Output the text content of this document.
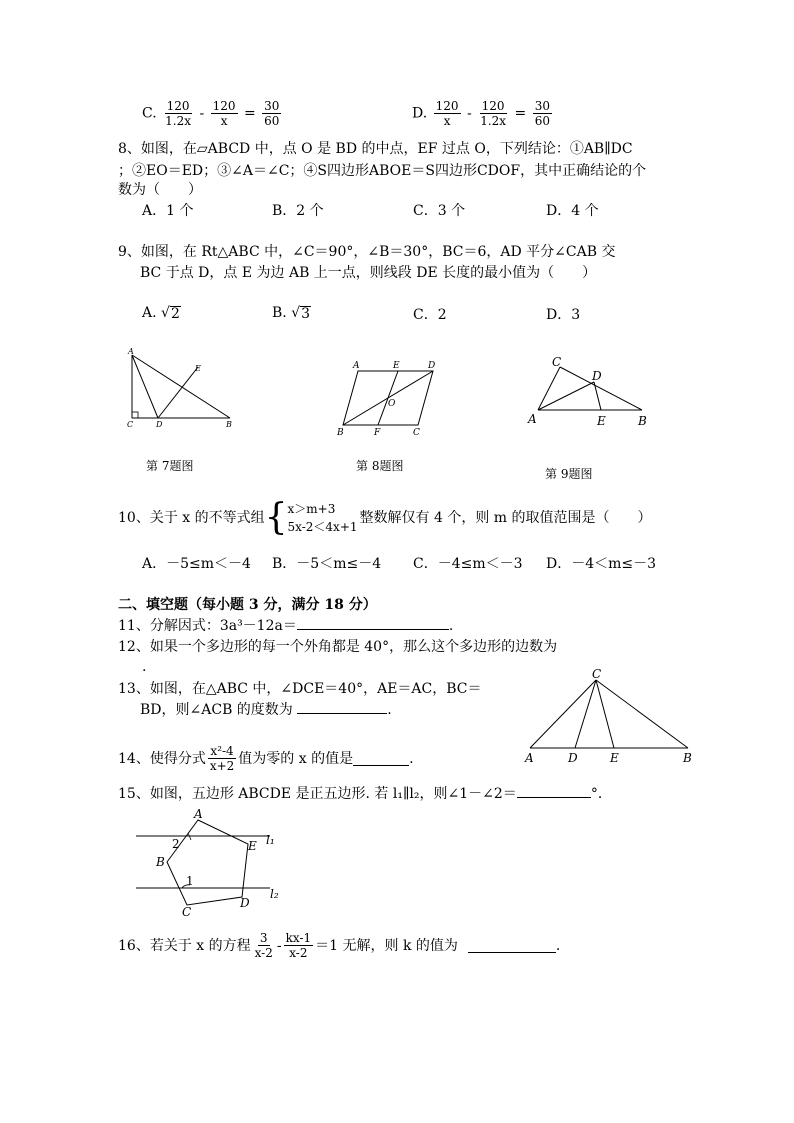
C. $\frac{120}{1.2x} - \frac{120}{x} = \frac{30}{60}$	D. $\frac{120}{x} - \frac{120}{1.2x} = \frac{30}{60}$
8、如图，在▱ABCD 中，点 O 是 BD 的中点，EF 过点 O，下列结论：①AB∥DC
；②EO＝ED；③∠A＝∠C；④S四边形ABOE＝S四边形CDOF，其中正确结论的个
数为（　　）
A．1 个	B．2 个	C．3 个	D．4 个
9、如图，在 Rt△ABC 中，∠C＝90°，∠B＝30°，BC＝6，AD 平分∠CAB 交
BC 于点 D，点 E 为边 AB 上一点，则线段 DE 长度的最小值为（　　）
A. √ 2	B. √ 3	C．2	D．3
A
C	D	B
E
第 7题图
A	E	D
O
B	F	C
第 8题图
C
D
A	E	B
第 9题图
10、关于 x 的不等式组 { x＞m+3
5x-2＜4x+1
整数解仅有 4 个，则 m 的取值范围是（　　）
A．－5≤m＜－4 B．－5＜m≤－4 C．－4≤m＜－3 D．－4＜m≤－3
二、填空题（每小题 3 分，满分 18 分）
11、分解因式：3a³－12a＝	.
12、如果一个多边形的每一个外角都是 40°，那么这个多边形的边数为
.
13、如图，在△ABC 中，∠DCE＝40°，AE＝AC，BC＝
BD，则∠ACB 的度数为	.
C
A	D	E	B
14、使得分式 $\frac{\text{x²-4}}{x+2}$ 值为零的 x 的值是	.
15、如图，五边形 ABCDE 是正五边形. 若 l₁∥l₂，则∠1－∠2＝	°．
A
E
B
C
D
2
1
l₁
l₂
16、若关于 x 的方程 $\frac{3}{x-2} - \frac{kx-1}{x-2} =1$ 无解，则 k 的值为	.
